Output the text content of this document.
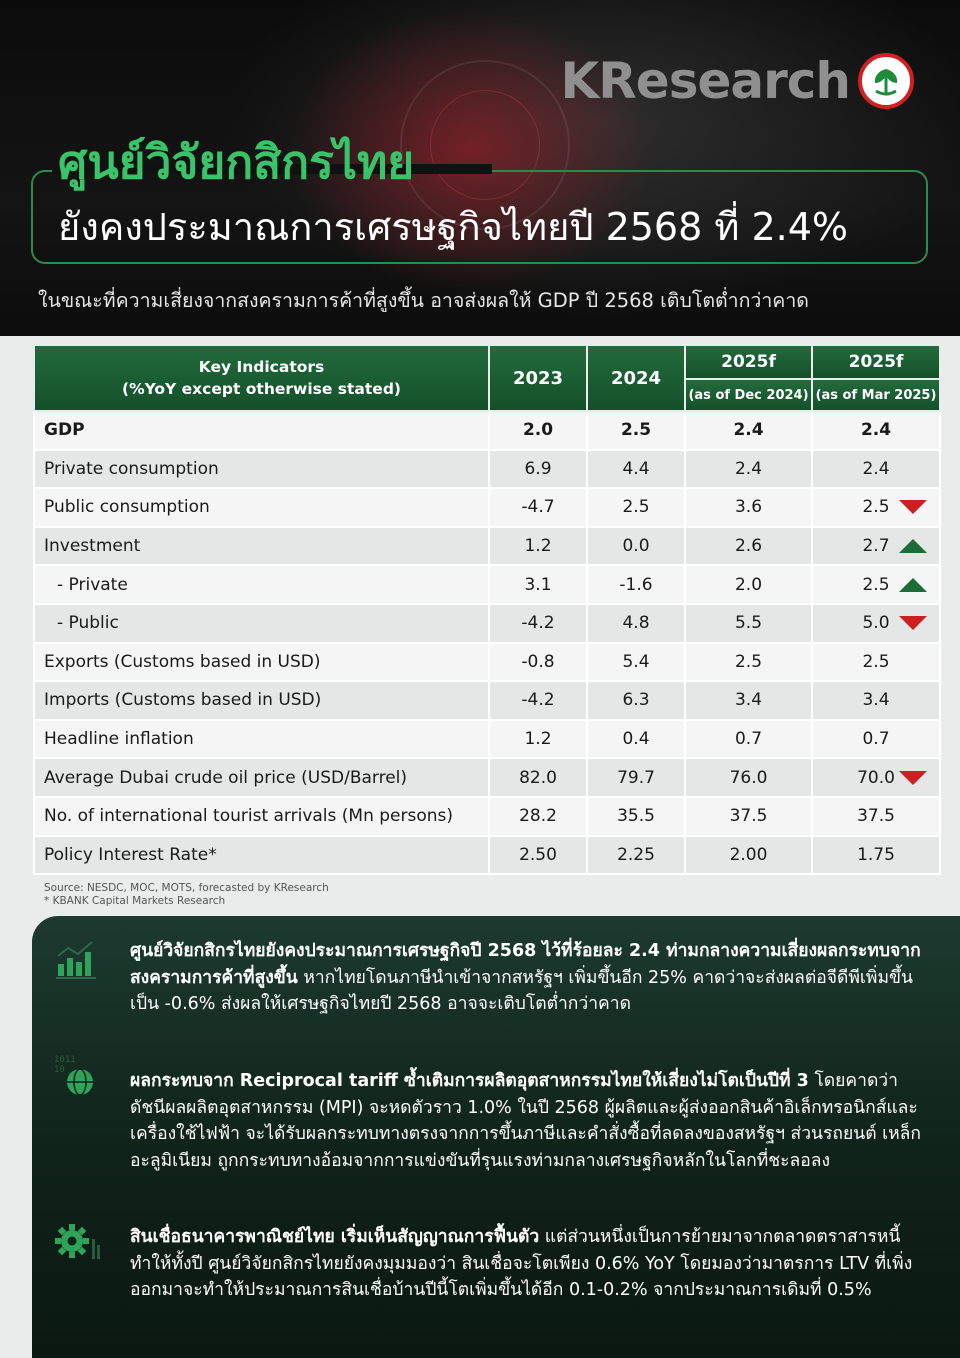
KResearch
ศูนย์วิจัยกสิกรไทย
ยังคงประมาณการเศรษฐกิจไทยปี 2568 ที่ 2.4%
ในขณะที่ความเสี่ยงจากสงครามการค้าที่สูงขึ้น อาจส่งผลให้ GDP ปี 2568 เติบโตต่ำกว่าคาด
Key Indicators
(%YoY except otherwise stated)	2023	2024	2025f	2025f
			(as of Dec 2024)	(as of Mar 2025)
GDP	2.0	2.5	2.4	2.4

Private consumption	6.9	4.4	2.4	2.4

Public consumption	-4.7	2.5	3.6	2.5

Investment	1.2	0.0	2.6	2.7

- Private	3.1	-1.6	2.0	2.5

- Public	-4.2	4.8	5.5	5.0

Exports (Customs based in USD)	-0.8	5.4	2.5	2.5

Imports (Customs based in USD)	-4.2	6.3	3.4	3.4

Headline inflation	1.2	0.4	0.7	0.7

Average Dubai crude oil price (USD/Barrel)	82.0	79.7	76.0	70.0

No. of international tourist arrivals (Mn persons)	28.2	35.5	37.5	37.5

Policy Interest Rate*	2.50	2.25	2.00	1.75
Source: NESDC, MOC, MOTS, forecasted by KResearch
* KBANK Capital Markets Research
1011
10
ศูนย์วิจัยกสิกรไทยยังคงประมาณการเศรษฐกิจปี 2568 ไว้ที่ร้อยละ 2.4 ท่ามกลางความเสี่ยงผลกระทบจากสงครามการค้าที่สูงขึ้น หากไทยโดนภาษีนำเข้าจากสหรัฐฯ เพิ่มขึ้นอีก 25% คาดว่าจะส่งผลต่อจีดีพีเพิ่มขึ้นเป็น -0.6% ส่งผลให้เศรษฐกิจไทยปี 2568 อาจจะเติบโตต่ำกว่าคาด
ผลกระทบจาก Reciprocal tariff ซ้ำเติมการผลิตอุตสาหกรรมไทยให้เสี่ยงไม่โตเป็นปีที่ 3 โดยคาดว่า ดัชนีผลผลิตอุตสาหกรรม (MPI) จะหดตัวราว 1.0% ในปี 2568 ผู้ผลิตและผู้ส่งออกสินค้าอิเล็กทรอนิกส์และเครื่องใช้ไฟฟ้า จะได้รับผลกระทบทางตรงจากการขึ้นภาษีและคำสั่งซื้อที่ลดลงของสหรัฐฯ ส่วนรถยนต์ เหล็ก อะลูมิเนียม ถูกกระทบทางอ้อมจากการแข่งขันที่รุนแรงท่ามกลางเศรษฐกิจหลักในโลกที่ชะลอลง
สินเชื่อธนาคารพาณิชย์ไทย เริ่มเห็นสัญญาณการฟื้นตัว แต่ส่วนหนึ่งเป็นการย้ายมาจากตลาดตราสารหนี้ ทำให้ทั้งปี ศูนย์วิจัยกสิกรไทยยังคงมุมมองว่า สินเชื่อจะโตเพียง 0.6% YoY โดยมองว่ามาตรการ LTV ที่เพิ่งออกมาจะทำให้ประมาณการสินเชื่อบ้านปีนี้โตเพิ่มขึ้นได้อีก 0.1-0.2% จากประมาณการเดิมที่ 0.5%
